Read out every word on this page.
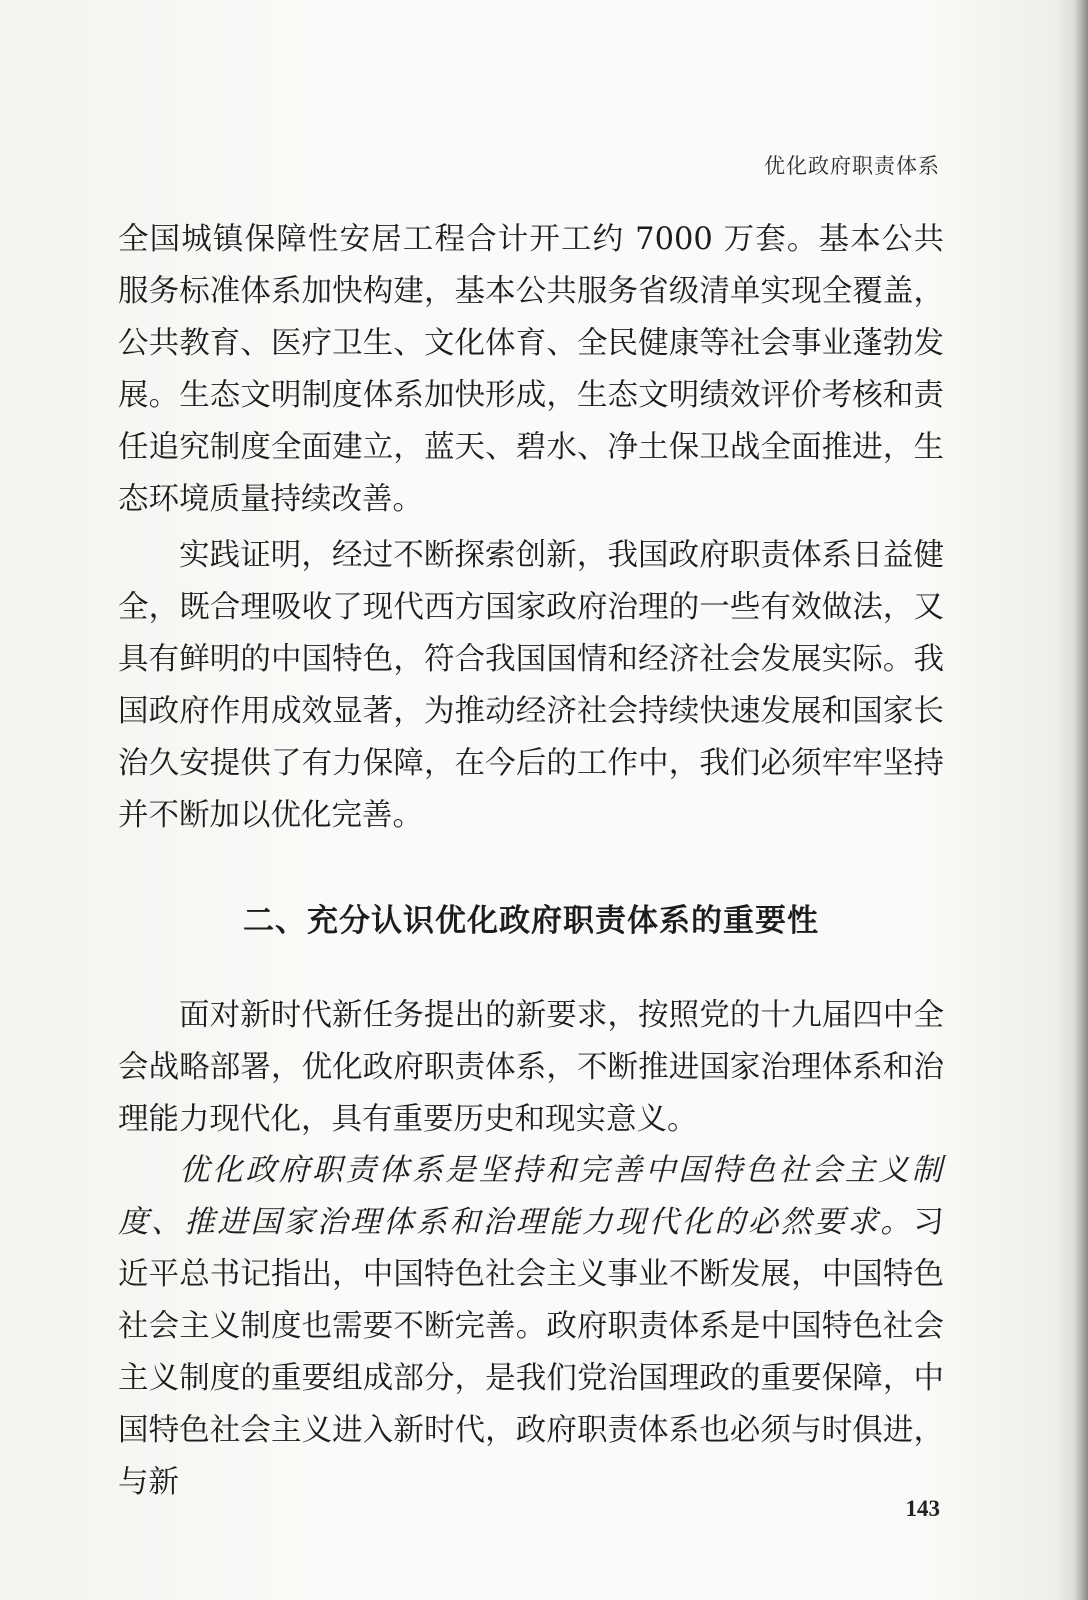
优化政府职责体系

全国城镇保障性安居工程合计开工约 7000 万套。基本公共服务标准体系加快构建，基本公共服务省级清单实现全覆盖，公共教育、医疗卫生、文化体育、全民健康等社会事业蓬勃发展。生态文明制度体系加快形成，生态文明绩效评价考核和责任追究制度全面建立，蓝天、碧水、净土保卫战全面推进，生态环境质量持续改善。

实践证明，经过不断探索创新，我国政府职责体系日益健全，既合理吸收了现代西方国家政府治理的一些有效做法，又具有鲜明的中国特色，符合我国国情和经济社会发展实际。我国政府作用成效显著，为推动经济社会持续快速发展和国家长治久安提供了有力保障，在今后的工作中，我们必须牢牢坚持并不断加以优化完善。

二、充分认识优化政府职责体系的重要性

面对新时代新任务提出的新要求，按照党的十九届四中全会战略部署，优化政府职责体系，不断推进国家治理体系和治理能力现代化，具有重要历史和现实意义。

优化政府职责体系是坚持和完善中国特色社会主义制度、推进国家治理体系和治理能力现代化的必然要求。习近平总书记指出，中国特色社会主义事业不断发展，中国特色社会主义制度也需要不断完善。政府职责体系是中国特色社会主义制度的重要组成部分，是我们党治国理政的重要保障，中国特色社会主义进入新时代，政府职责体系也必须与时俱进，与新

143
